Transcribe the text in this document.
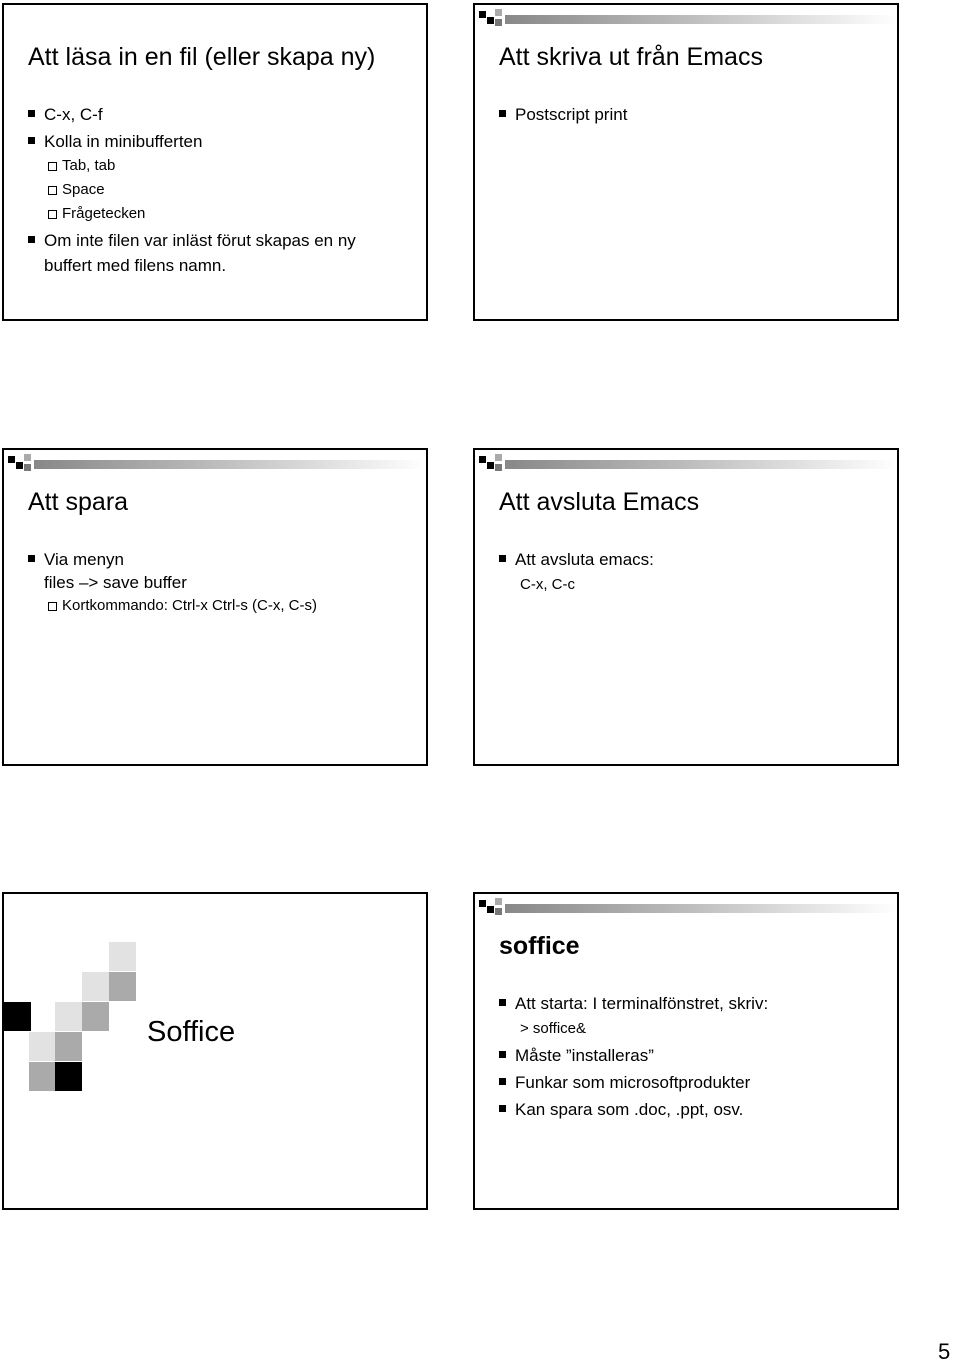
Att läsa in en fil (eller skapa ny)
C-x, C-f
Kolla in minibufferten
Tab, tab
Space
Frågetecken
Om inte filen var inläst förut skapas en ny
buffert med filens namn.
Att skriva ut från Emacs
Postscript print
Att spara
Via menyn
files –> save buffer
Kortkommando: Ctrl-x Ctrl-s (C-x, C-s)
Att avsluta Emacs
Att avsluta emacs:
C-x, C-c
Soffice
soffice
Att starta: I terminalfönstret, skriv:
> soffice&
Måste ”installeras”
Funkar som microsoftprodukter
Kan spara som .doc, .ppt, osv.
5
